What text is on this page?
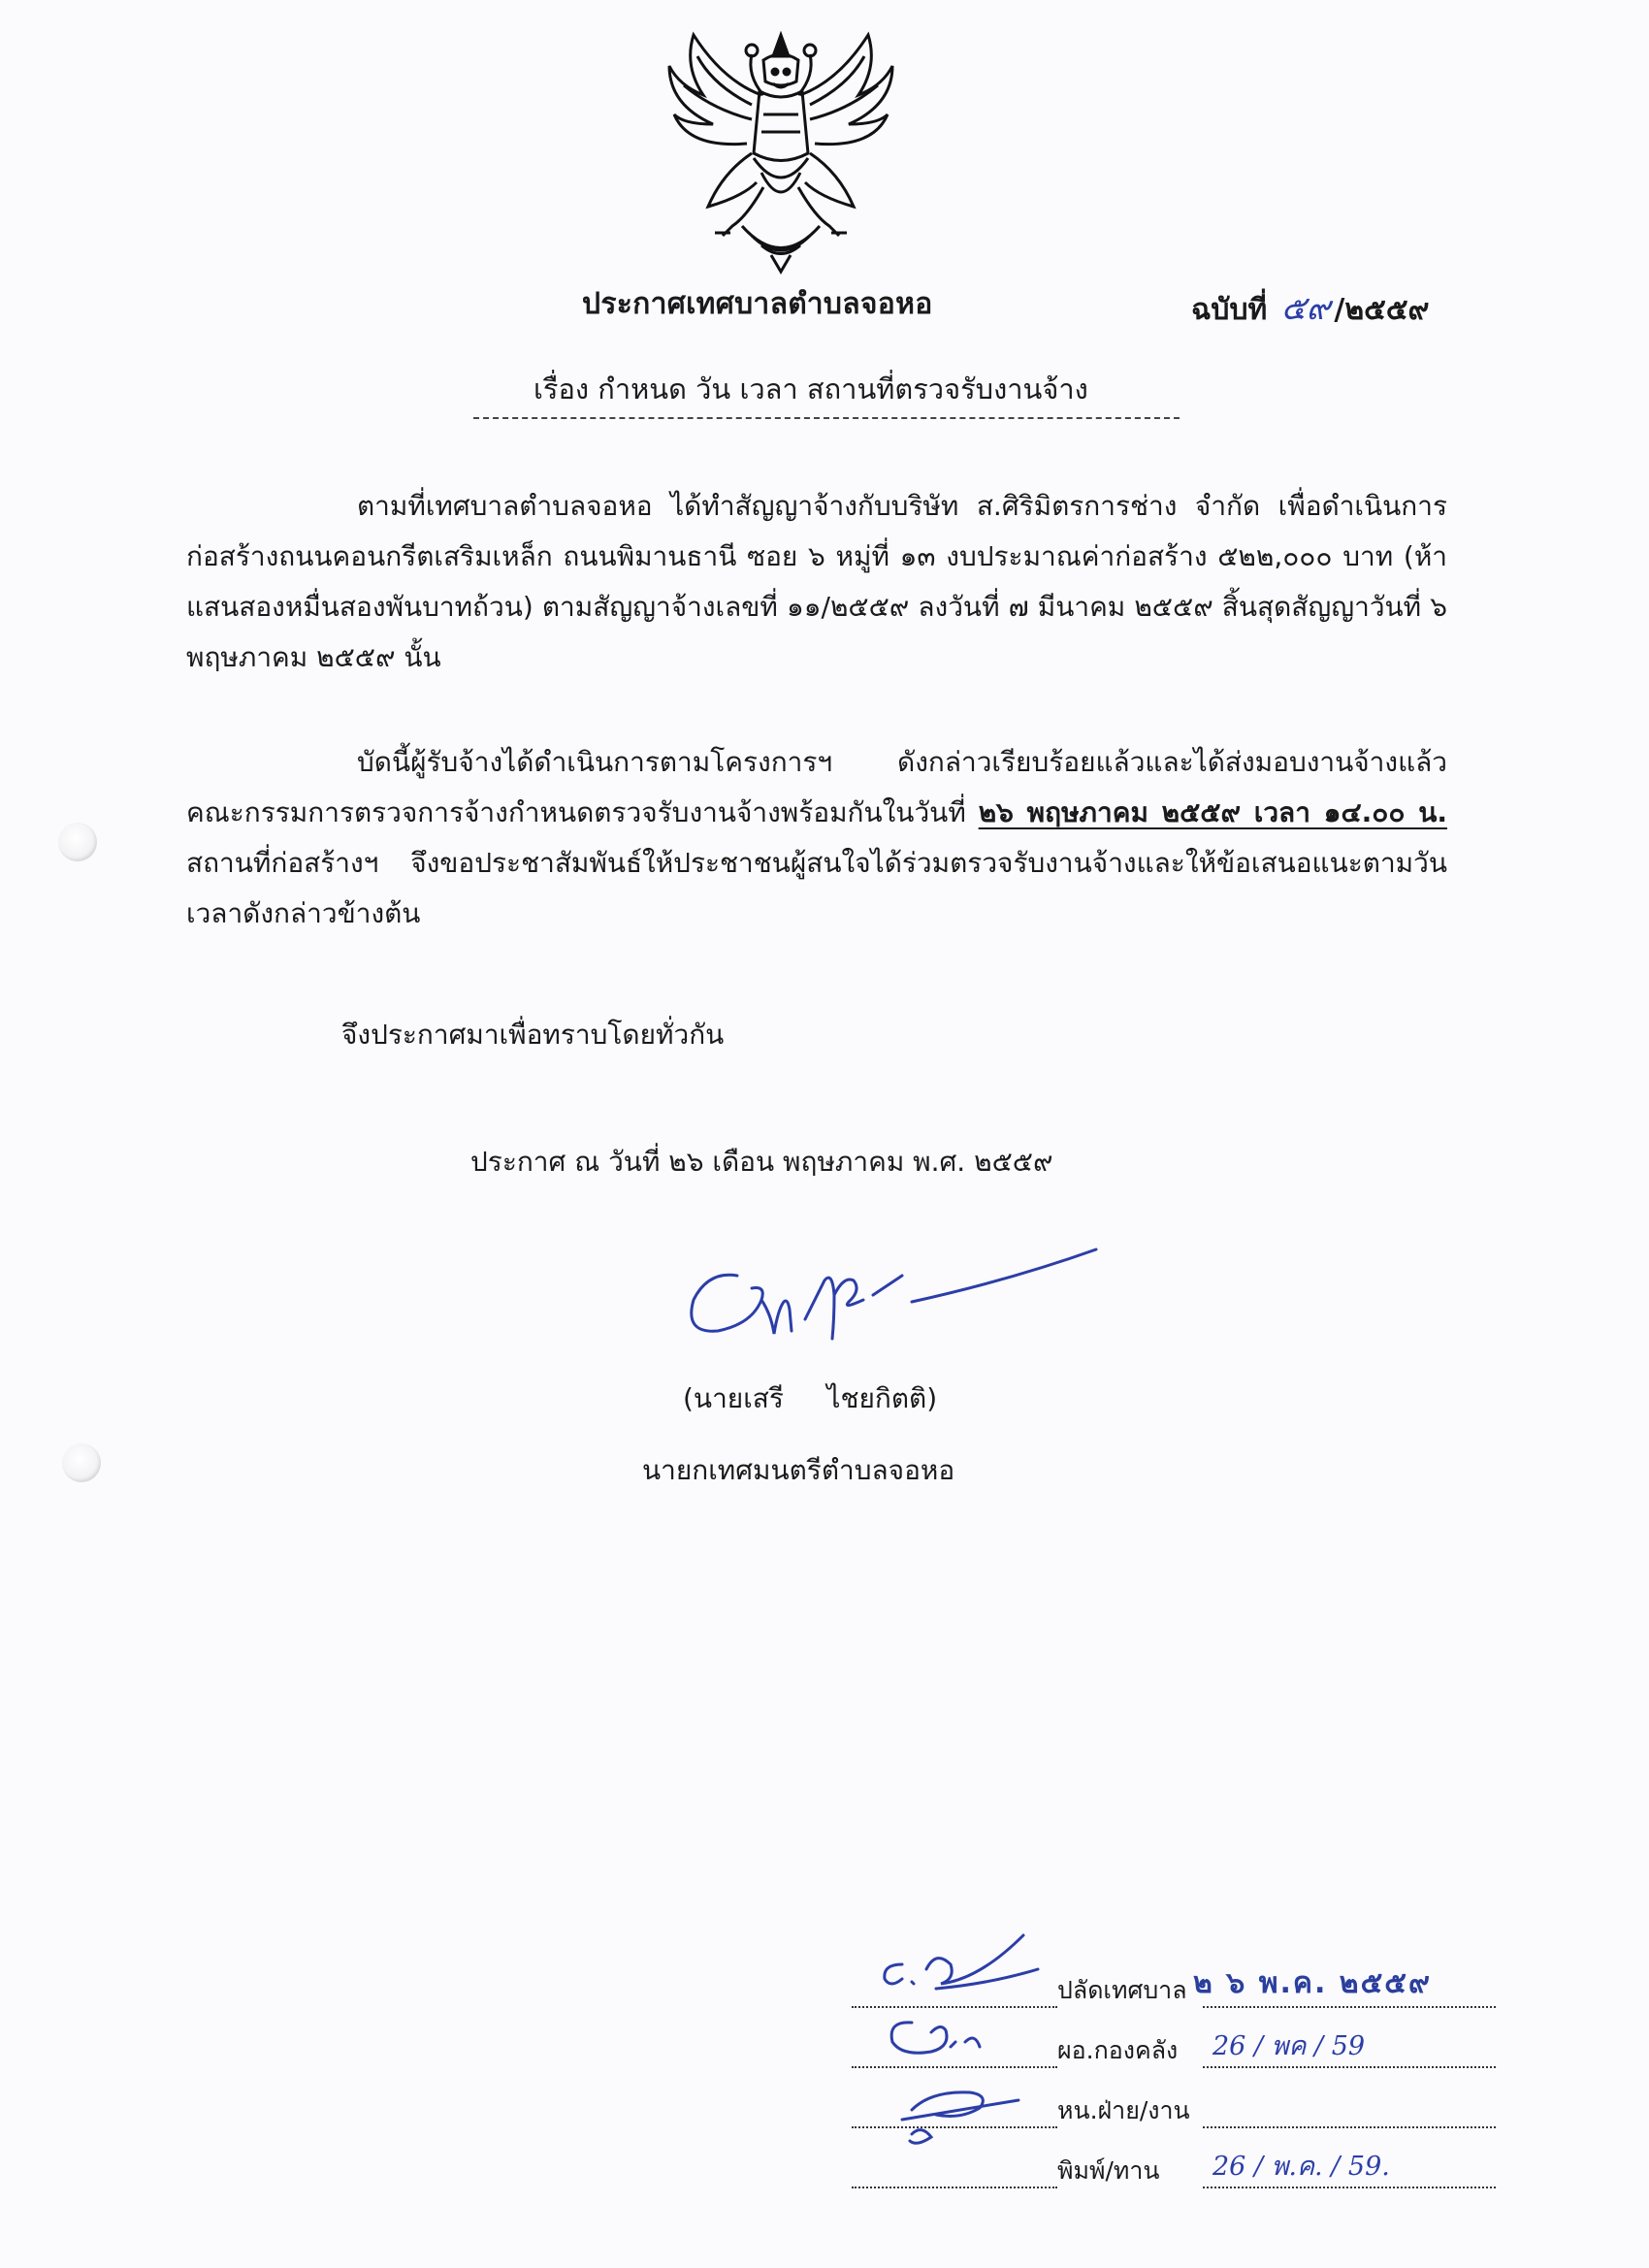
ประกาศเทศบาลตำบลจอหอ	ฉบับที่ ๕๙ /๒๕๕๙
เรื่อง กำหนด วัน เวลา สถานที่ตรวจรับงานจ้าง
ตามที่เทศบาลตำบลจอหอ ได้ทำสัญญาจ้างกับบริษัท ส.ศิริมิตรการช่าง จำกัด เพื่อดำเนินการก่อสร้างถนนคอนกรีตเสริมเหล็ก ถนนพิมานธานี ซอย ๖ หมู่ที่ ๑๓ งบประมาณค่าก่อสร้าง ๕๒๒,๐๐๐ บาท (ห้าแสนสองหมื่นสองพันบาทถ้วน) ตามสัญญาจ้างเลขที่ ๑๑/๒๕๕๙ ลงวันที่ ๗ มีนาคม ๒๕๕๙ สิ้นสุดสัญญาวันที่ ๖ พฤษภาคม ๒๕๕๙ นั้น
บัดนี้ผู้รับจ้างได้ดำเนินการตามโครงการฯ ดังกล่าวเรียบร้อยแล้วและได้ส่งมอบงานจ้างแล้ว คณะกรรมการตรวจการจ้างกำหนดตรวจรับงานจ้างพร้อมกันในวันที่ ๒๖ พฤษภาคม ๒๕๕๙ เวลา ๑๔.๐๐ น. สถานที่ก่อสร้างฯ จึงขอประชาสัมพันธ์ให้ประชาชนผู้สนใจได้ร่วมตรวจรับงานจ้างและให้ข้อเสนอแนะตามวันเวลาดังกล่าวข้างต้น
จึงประกาศมาเพื่อทราบโดยทั่วกัน
ประกาศ ณ วันที่ ๒๖ เดือน พฤษภาคม พ.ศ. ๒๕๕๙
(นายเสรี     ไชยกิตติ)
นายกเทศมนตรีตำบลจอหอ
ปลัดเทศบาล ๒ ๖ พ.ค. ๒๕๕๙
ผอ.กองคลัง 26 / พค / 59
หน.ฝ่าย/งาน
พิมพ์/ทาน 26 / พ.ค. / 59.
